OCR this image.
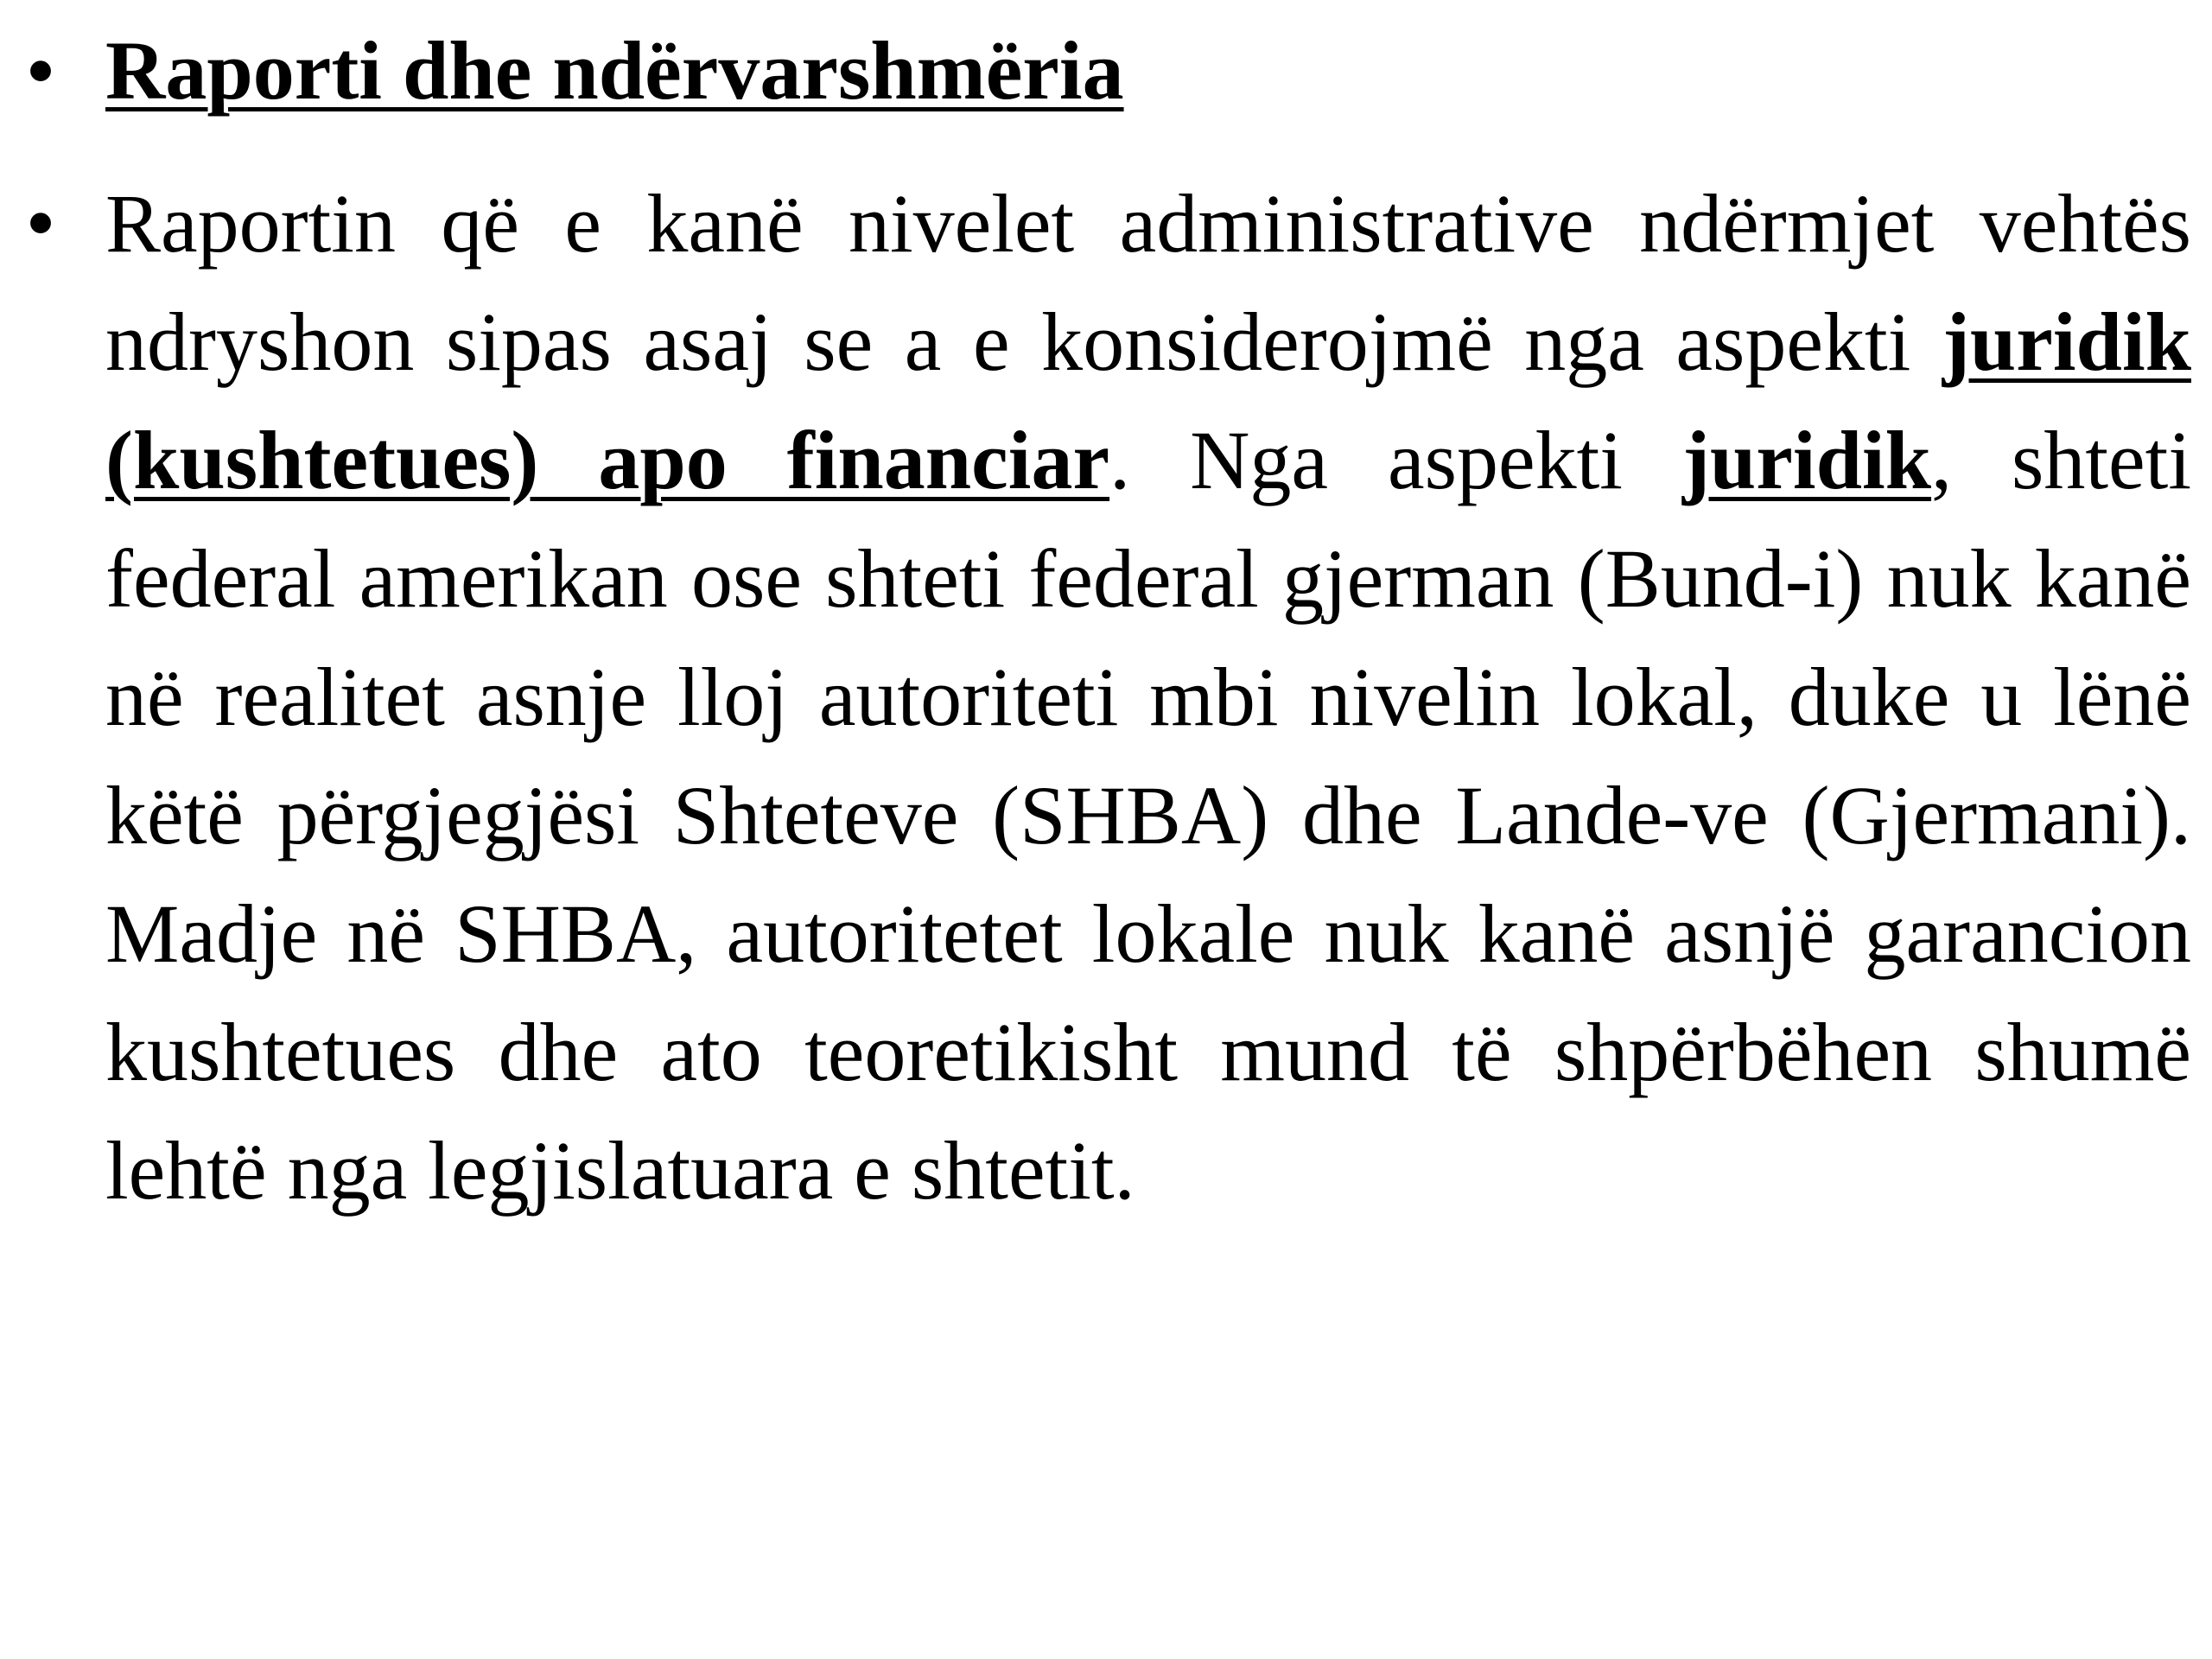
• Raporti dhe ndërvarshmëria
• Raportin që e kanë nivelet administrative ndërmjet vehtës ndryshon sipas asaj se a e konsiderojmë nga aspekti juridik (kushtetues) apo financiar. Nga aspekti juridik, shteti federal amerikan ose shteti federal gjerman (Bund-i) nuk kanë në realitet asnje lloj autoriteti mbi nivelin lokal, duke u lënë këtë përgjegjësi Shteteve (SHBA) dhe Lande-ve (Gjermani). Madje në SHBA, autoritetet lokale nuk kanë asnjë garancion kushtetues dhe ato teoretikisht mund të shpërbëhen shumë lehtë nga legjislatuara e shtetit.
